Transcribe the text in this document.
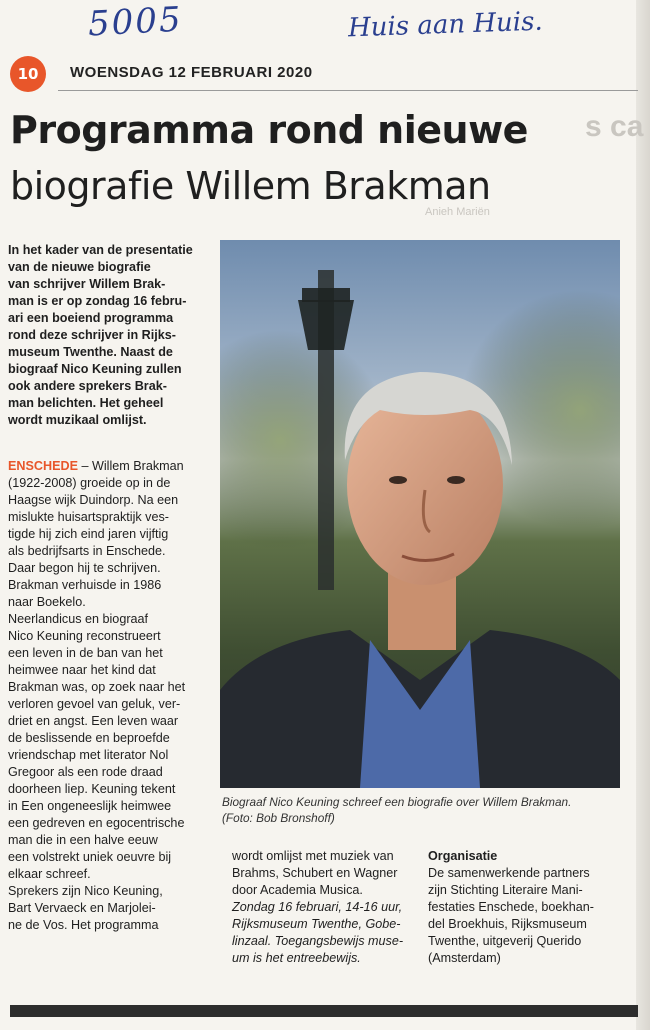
5005	Huis aan Huis.
10	WOENSDAG 12 FEBRUARI 2020
s ca
Anieh Mariën
Programma rond nieuwe
biografie Willem Brakman
In het kader van de presentatie
van de nieuwe biografie
van schrijver Willem Brak-
man is er op zondag 16 febru-
ari een boeiend programma
rond deze schrijver in Rijks-
museum Twenthe. Naast de
biograaf Nico Keuning zullen
ook andere sprekers Brak-
man belichten. Het geheel
wordt muzikaal omlijst.
ENSCHEDE – Willem Brakman
(1922-2008) groeide op in de
Haagse wijk Duindorp. Na een
mislukte huisartspraktijk ves-
tigde hij zich eind jaren vijftig
als bedrijfsarts in Enschede.
Daar begon hij te schrijven.
Brakman verhuisde in 1986
naar Boekelo.
Neerlandicus en biograaf
Nico Keuning reconstrueert
een leven in de ban van het
heimwee naar het kind dat
Brakman was, op zoek naar het
verloren gevoel van geluk, ver-
driet en angst. Een leven waar
de beslissende en beproefde
vriendschap met literator Nol
Gregoor als een rode draad
doorheen liep. Keuning tekent
in Een ongeneeslijk heimwee
een gedreven en egocentrische
man die in een halve eeuw
een volstrekt uniek oeuvre bij
elkaar schreef.
Sprekers zijn Nico Keuning,
Bart Vervaeck en Marjolei-
ne de Vos. Het programma
Biograaf Nico Keuning schreef een biografie over Willem Brakman.
(Foto: Bob Bronshoff)
wordt omlijst met muziek van
Brahms, Schubert en Wagner
door Academia Musica.
Zondag 16 februari, 14-16 uur,
Rijksmuseum Twenthe, Gobe-
linzaal. Toegangsbewijs muse-
um is het entreebewijs.
Organisatie
De samenwerkende partners
zijn Stichting Literaire Mani-
festaties Enschede, boekhan-
del Broekhuis, Rijksmuseum
Twenthe, uitgeverij Querido
(Amsterdam)
